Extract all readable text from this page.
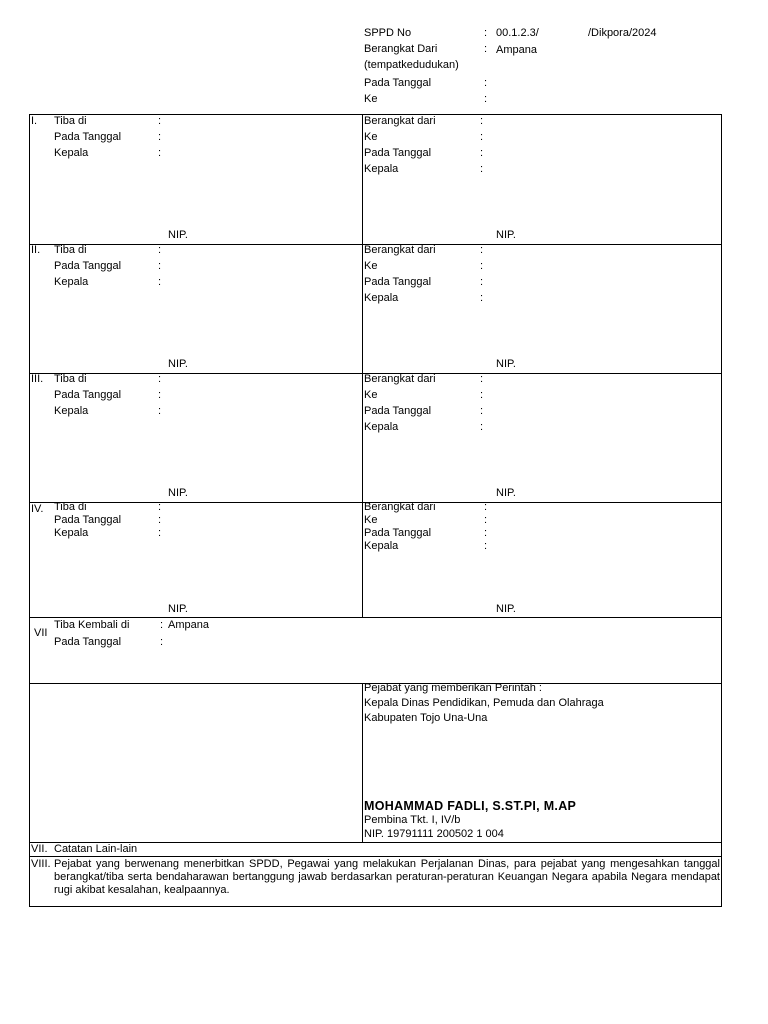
SPPD No	: 00.1.2.3/	/Dikpora/2024
Berangkat Dari	: Ampana
(tempatkedudukan)
Pada Tanggal	:
Ke	:
I. Tiba di	:
Pada Tanggal	:
Kepala	:
NIP.
Berangkat dari	:
Ke	:
Pada Tanggal	:
Kepala	:
NIP.
II. Tiba di	:
Pada Tanggal	:
Kepala	:
NIP.
Berangkat dari	:
Ke	:
Pada Tanggal	:
Kepala	:
NIP.
III. Tiba di	:
Pada Tanggal	:
Kepala	:
NIP.
Berangkat dari	:
Ke	:
Pada Tanggal	:
Kepala	:
NIP.
IV. Tiba di	:
Pada Tanggal	:
Kepala	:
NIP.
Berangkat dari	:
Ke	:
Pada Tanggal	:
Kepala	:
NIP.
VII
Tiba Kembali di	: Ampana
Pada Tanggal	:
Pejabat yang memberikan Perintah :
Kepala Dinas Pendidikan, Pemuda dan Olahraga
Kabupaten Tojo Una-Una
MOHAMMAD FADLI, S.ST.PI, M.AP
Pembina Tkt. I, IV/b
NIP. 19791111 200502 1 004
VII. Catatan Lain-lain
VIII. Pejabat yang berwenang menerbitkan SPDD, Pegawai yang melakukan Perjalanan Dinas, para pejabat yang mengesahkan tanggal berangkat/tiba serta bendaharawan bertanggung jawab berdasarkan peraturan-peraturan Keuangan Negara apabila Negara mendapat rugi akibat kesalahan, kealpaannya.
